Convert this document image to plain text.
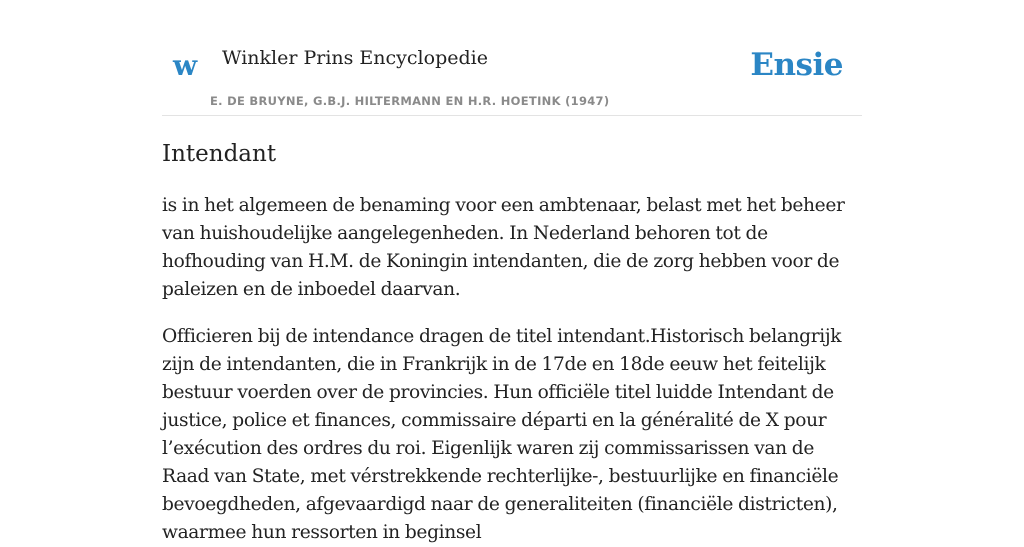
w Winkler Prins Encyclopedie
E. DE BRUYNE, G.B.J. HILTERMANN EN H.R. HOETINK (1947)
Ensie
Intendant

is in het algemeen de benaming voor een ambtenaar, belast met het beheer van huishoudelijke aangelegenheden. In Nederland behoren tot de hofhouding van H.M. de Koningin intendanten, die de zorg hebben voor de paleizen en de inboedel daarvan.

Officieren bij de intendance dragen de titel intendant.Historisch belangrijk zijn de intendanten, die in Frankrijk in de 17de en 18de eeuw het feitelijk bestuur voerden over de provincies. Hun officiële titel luidde Intendant de justice, police et finances, commissaire départi en la généralité de X pour l’exécution des ordres du roi. Eigenlijk waren zij commissarissen van de Raad van State, met vérstrekkende rechterlijke-, bestuurlijke en financiële bevoegdheden, afgevaardigd naar de generaliteiten (financiële districten), waarmee hun ressorten in beginsel
